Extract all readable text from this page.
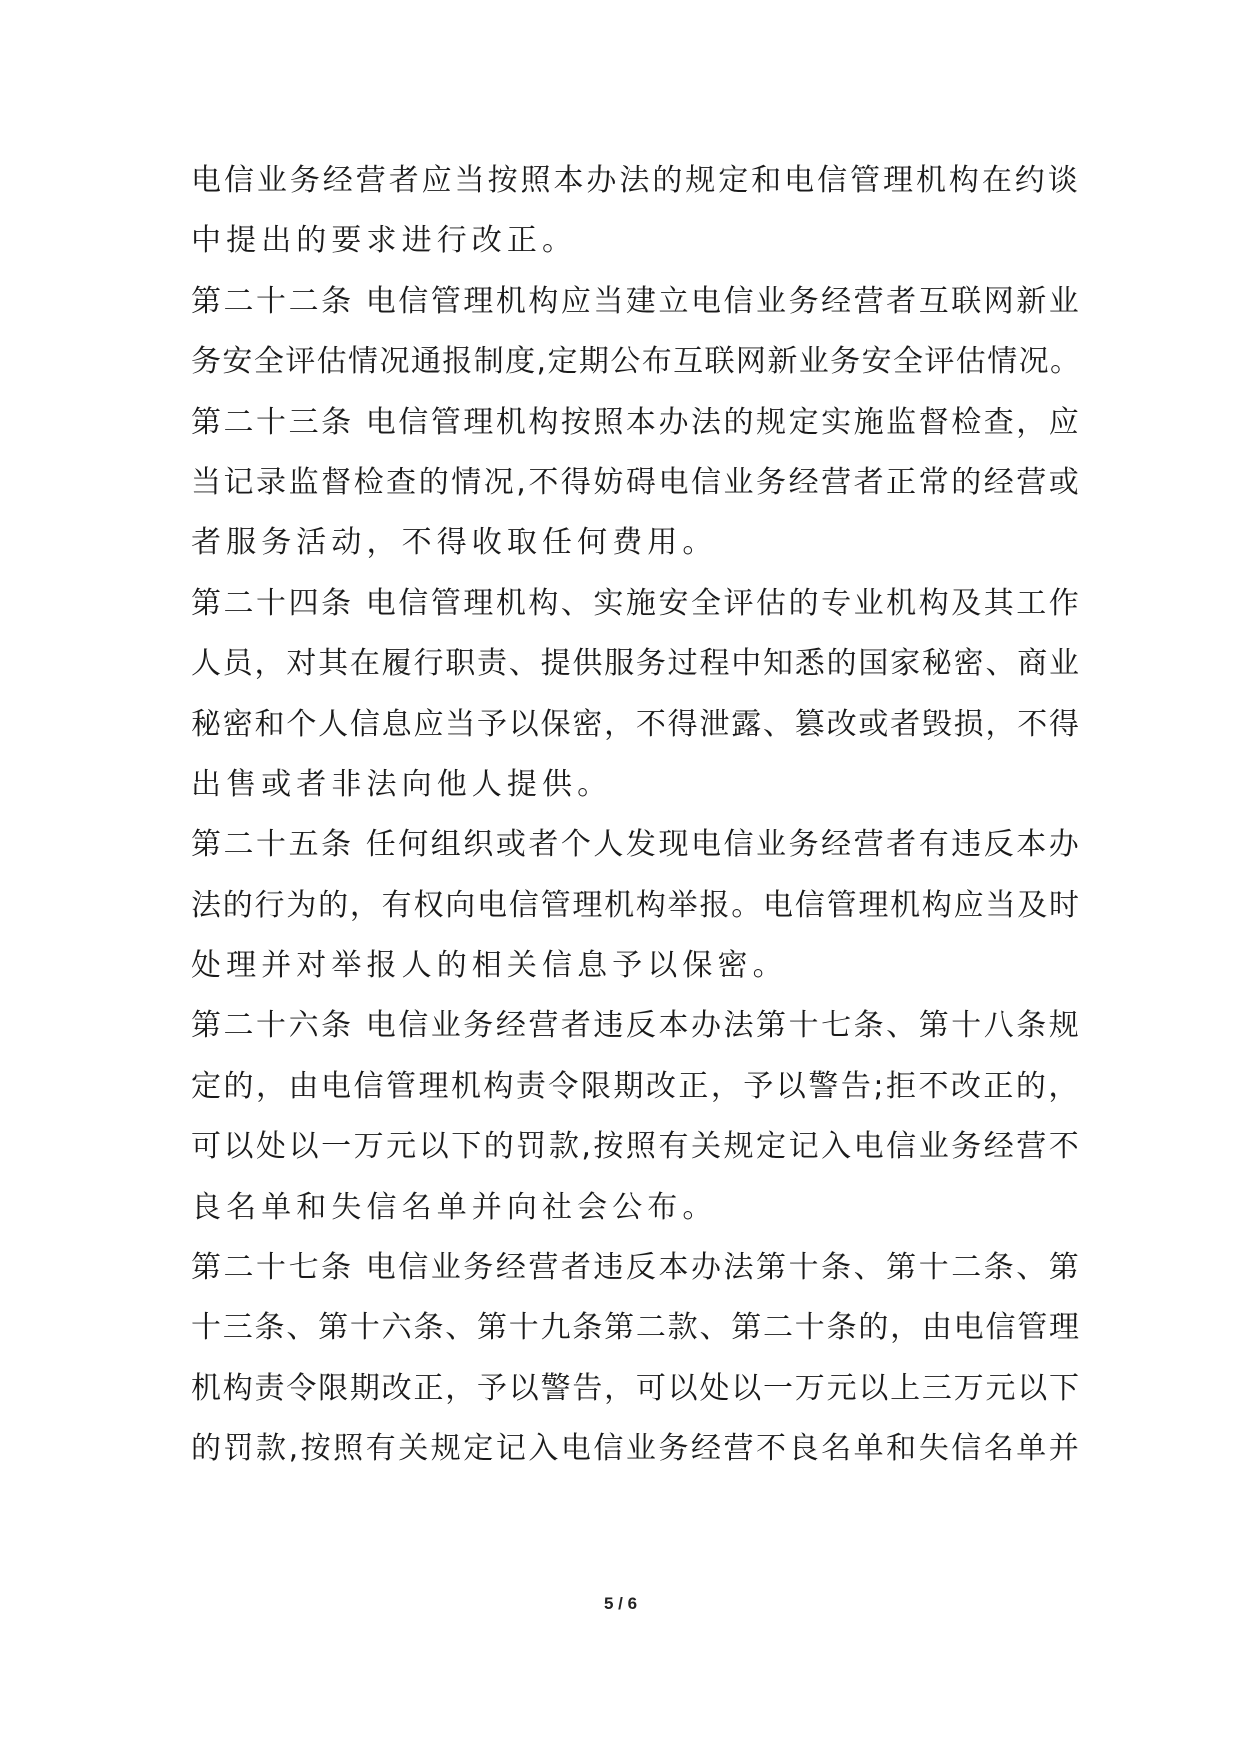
电信业务经营者应当按照本办法的规定和电信管理机构在约谈
中提出的要求进行改正。
第二十二条 电信管理机构应当建立电信业务经营者互联网新业
务安全评估情况通报制度,定期公布互联网新业务安全评估情况。
第二十三条 电信管理机构按照本办法的规定实施监督检查，应
当记录监督检查的情况,不得妨碍电信业务经营者正常的经营或
者服务活动，不得收取任何费用。
第二十四条 电信管理机构、实施安全评估的专业机构及其工作
人员，对其在履行职责、提供服务过程中知悉的国家秘密、商业
秘密和个人信息应当予以保密，不得泄露、篡改或者毁损，不得
出售或者非法向他人提供。
第二十五条 任何组织或者个人发现电信业务经营者有违反本办
法的行为的，有权向电信管理机构举报。电信管理机构应当及时
处理并对举报人的相关信息予以保密。
第二十六条 电信业务经营者违反本办法第十七条、第十八条规
定的，由电信管理机构责令限期改正，予以警告;拒不改正的，
可以处以一万元以下的罚款,按照有关规定记入电信业务经营不
良名单和失信名单并向社会公布。
第二十七条 电信业务经营者违反本办法第十条、第十二条、第
十三条、第十六条、第十九条第二款、第二十条的，由电信管理
机构责令限期改正，予以警告，可以处以一万元以上三万元以下
的罚款,按照有关规定记入电信业务经营不良名单和失信名单并
5 / 6
